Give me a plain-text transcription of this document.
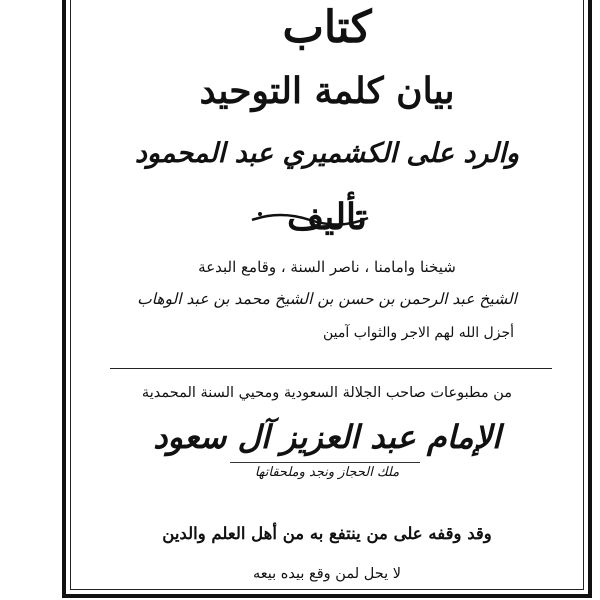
كتاب
بيان كلمة التوحيد
والرد على الكشميري عبد المحمود
تأليف
شيخنا وامامنا ، ناصر السنة ، وقامع البدعة
الشيخ عبد الرحمن بن حسن بن الشيخ محمد بن عبد الوهاب
أجزل الله لهم الاجر والثواب آمين
من مطبوعات صاحب الجلالة السعودية ومحيي السنة المحمدية
الإمام عبد العزيز آل سعود
ملك الحجاز ونجد وملحقاتها
وقد وقفه على من ينتفع به من أهل العلم والدين
لا يحل لمن وقع بيده بيعه
